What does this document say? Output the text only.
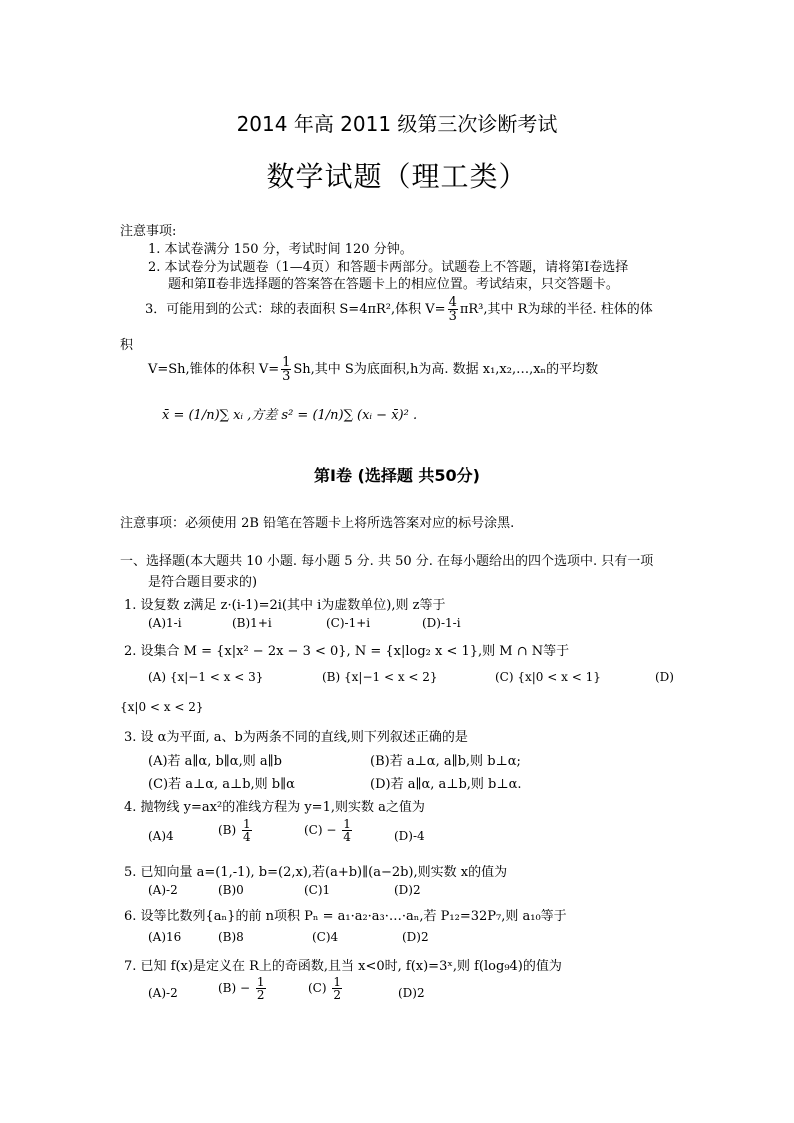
2014 年高 2011 级第三次诊断考试
数学试题（理工类）
注意事项:
1. 本试卷满分 150 分，考试时间 120 分钟。
2. 本试卷分为试题卷（1—4页）和答题卡两部分。试题卷上不答题，请将第Ⅰ卷选择
题和第Ⅱ卷非选择题的答案答在答题卡上的相应位置。考试结束，只交答题卡。
3．可能用到的公式：球的表面积 S=4πR²,体积 $V= \frac{4}{3} \pi R^3$,其中 R为球的半径. 柱体的体
积
V=Sh,锥体的体积 $V= \frac{1}{3} Sh$,其中 S为底面积,h为高. 数据 x₁,x₂,…,xₙ的平均数
x̄ = (1/n)∑ xᵢ ,方差 s² = (1/n)∑ (xᵢ − x̄)² .
第Ⅰ卷 (选择题 共50分)
注意事项：必须使用 2B 铅笔在答题卡上将所选答案对应的标号涂黑.
一、选择题(本大题共 10 小题. 每小题 5 分. 共 50 分. 在每小题给出的四个选项中. 只有一项
是符合题目要求的)
1. 设复数 z满足 z·(i-1)=2i(其中 i为虚数单位),则 z等于
(A)1-i	(B)1+i	(C)-1+i	(D)-1-i
2. 设集合 M = {x|x² − 2x − 3 < 0}, N = {x|log₂ x < 1},则 M ∩ N等于
(A) {x|−1 < x < 3}	(B) {x|−1 < x < 2}	(C) {x|0 < x < 1}	(D)
{x|0 < x < 2}
3. 设 α为平面, a、b为两条不同的直线,则下列叙述正确的是
(A)若 a∥α, b∥α,则 a∥b	(B)若 a⊥α, a∥b,则 b⊥α;
(C)若 a⊥α, a⊥b,则 b∥α	(D)若 a∥α, a⊥b,则 b⊥α.
4. 抛物线 y=ax²的准线方程为 y=1,则实数 a之值为
(A)4	$(B) \frac{1}{4}$	$(C) - \frac{1}{4}$	(D)-4
5. 已知向量 a=(1,-1), b=(2,x),若(a+b)∥(a−2b),则实数 x的值为
(A)-2	(B)0	(C)1	(D)2
6. 设等比数列{aₙ}的前 n项积 Pₙ = a₁·a₂·a₃·…·aₙ,若 P₁₂=32P₇,则 a₁₀等于
(A)16	(B)8	(C)4	(D)2
7. 已知 f(x)是定义在 R上的奇函数,且当 x<0时, f(x)=3ˣ,则 f(log₉4)的值为
(A)-2	$(B) - \frac{1}{2}$	$(C) \frac{1}{2}$	(D)2
